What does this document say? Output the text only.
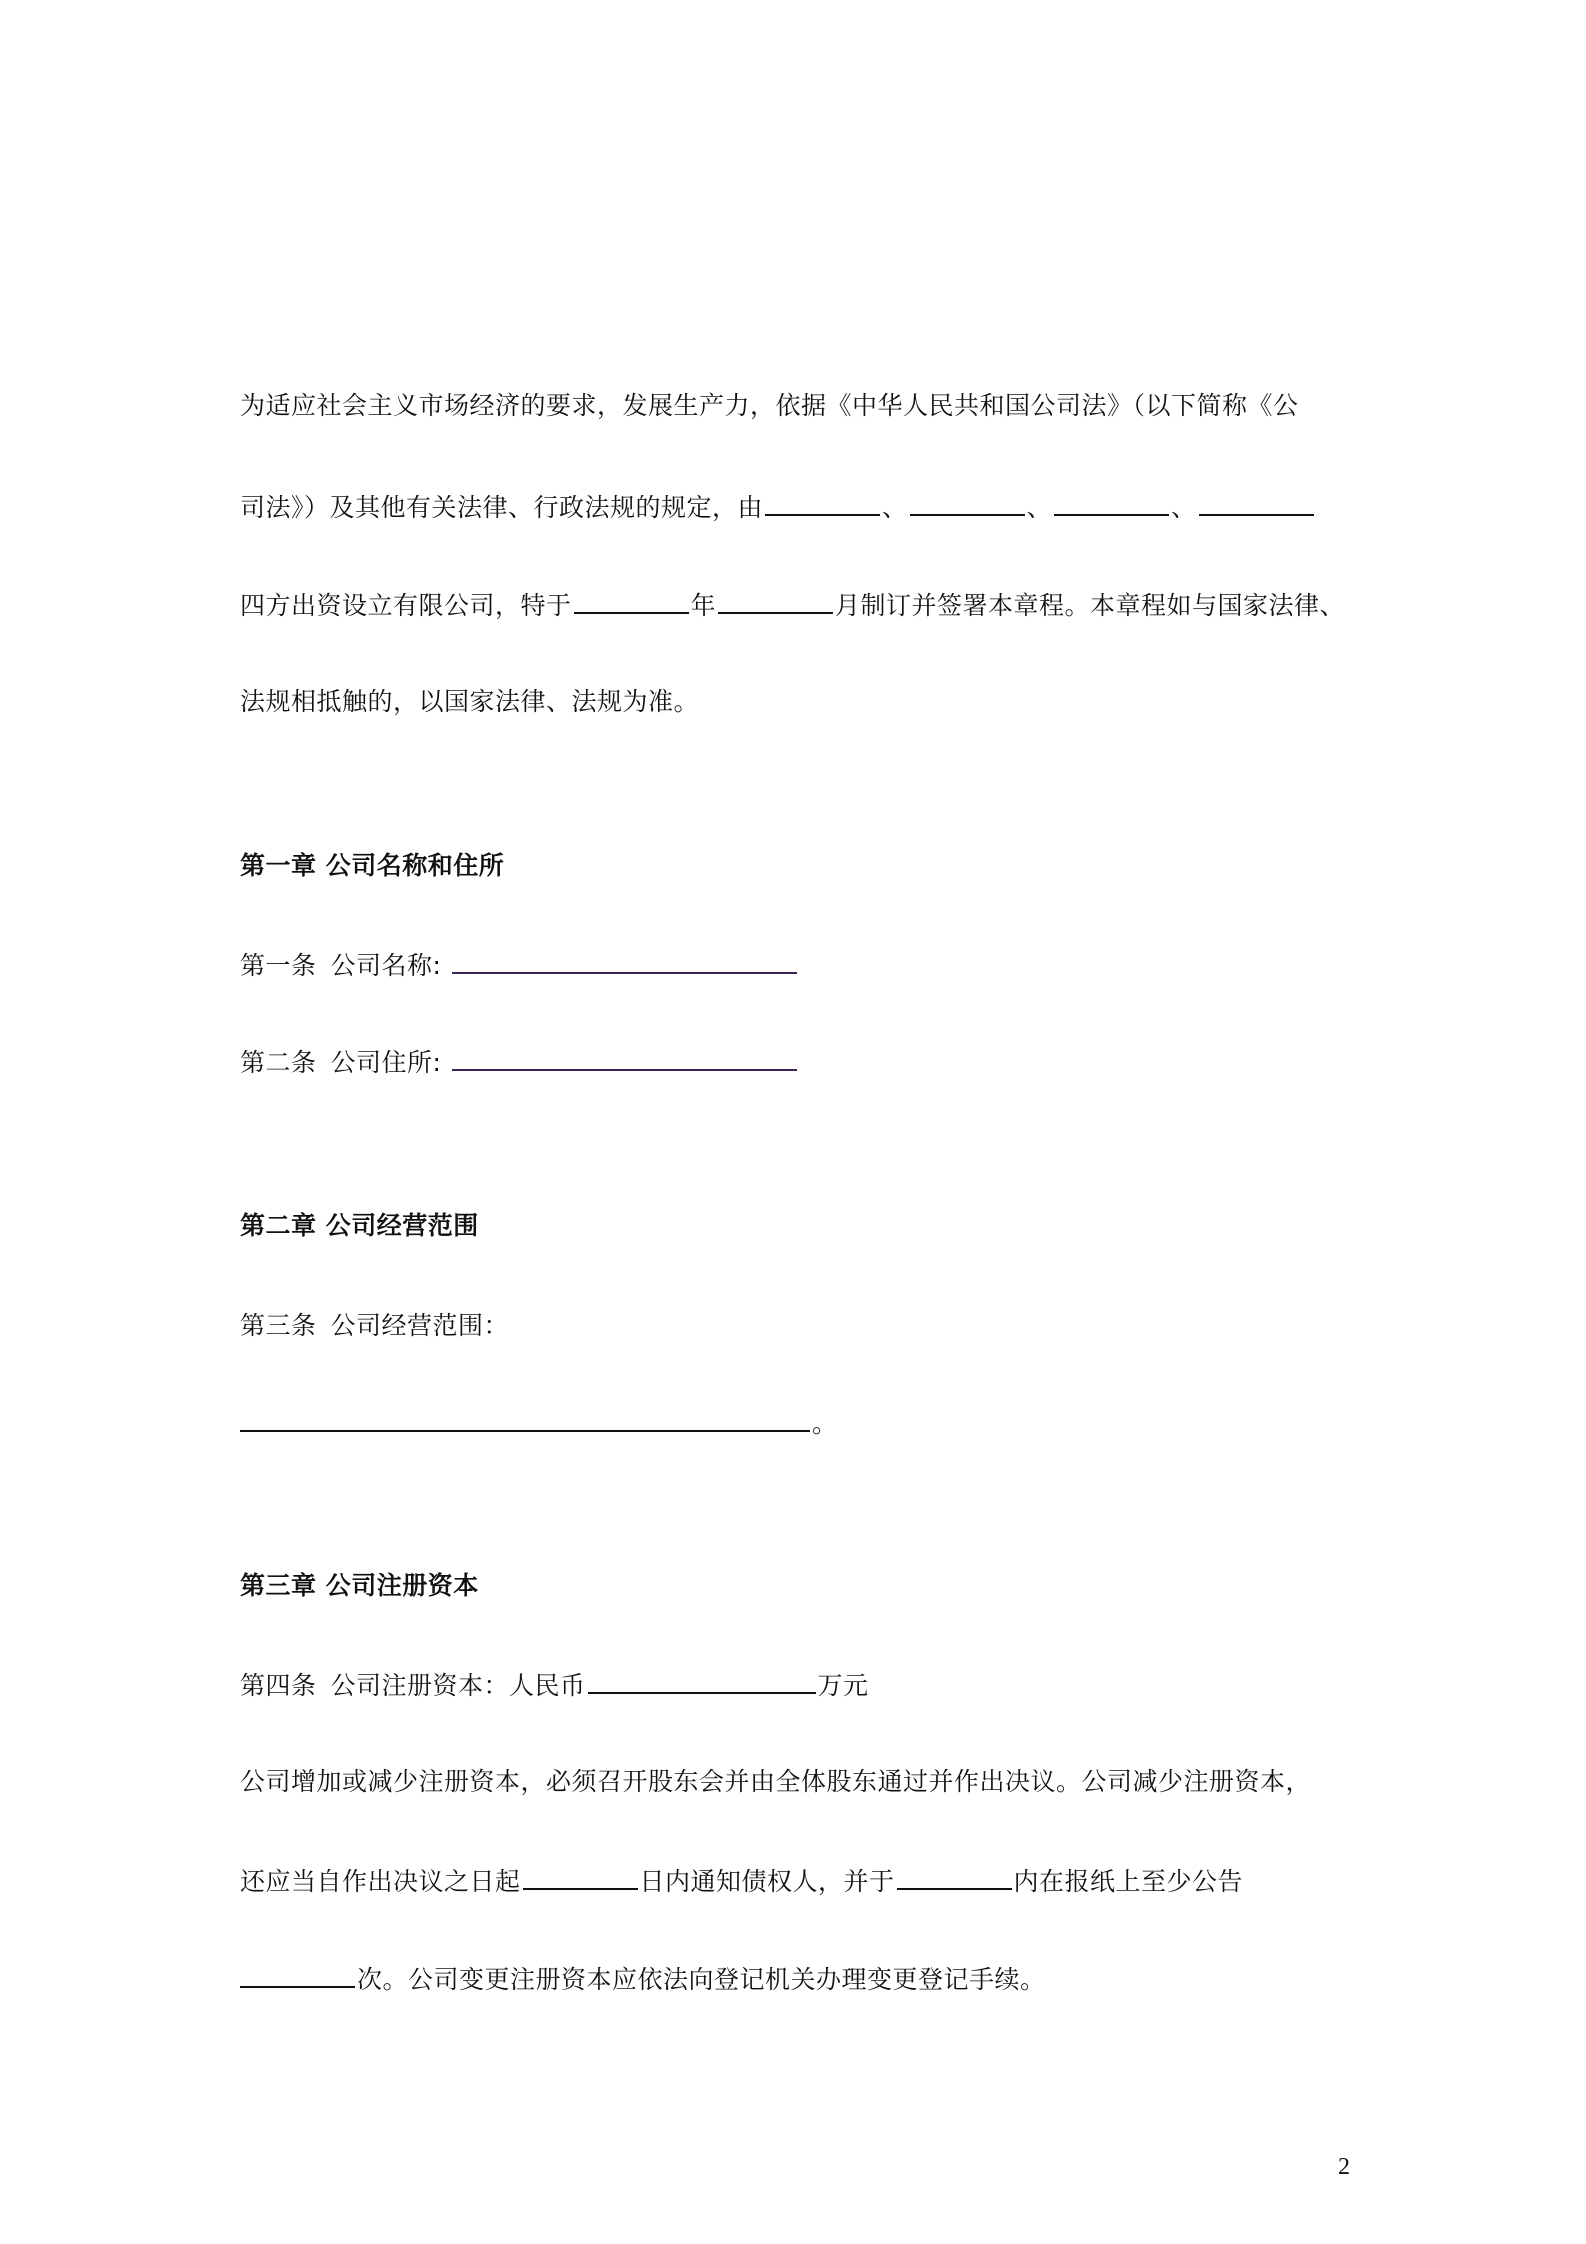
为适应社会主义市场经济的要求，发展生产力，依据《中华人民共和国公司法》（以下简称《公
司法》）及其他有关法律、行政法规的规定，由	、	、	、
四方出资设立有限公司，特于	年	月制订并签署本章程。本章程如与国家法律、
法规相抵触的，以国家法律、法规为准。
第一章 公司名称和住所
第一条 公司名称:
第二条 公司住所:
第二章 公司经营范围
第三条 公司经营范围：
。
第三章 公司注册资本
第四条 公司注册资本：人民币	万元
公司增加或减少注册资本，必须召开股东会并由全体股东通过并作出决议。公司减少注册资本，
还应当自作出决议之日起	日内通知债权人，并于	内在报纸上至少公告
次。公司变更注册资本应依法向登记机关办理变更登记手续。
2
